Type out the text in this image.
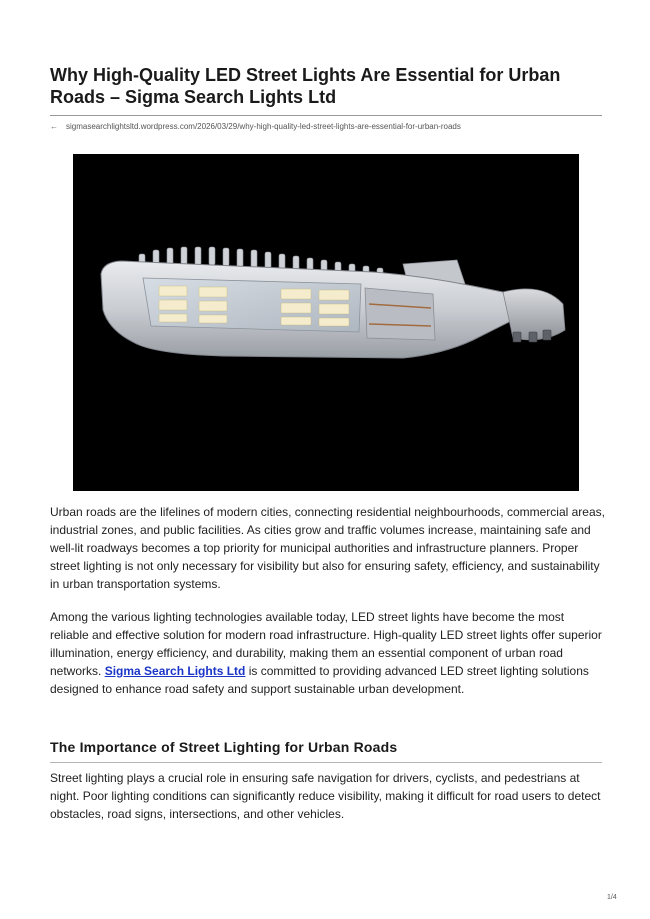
Why High-Quality LED Street Lights Are Essential for Urban Roads – Sigma Search Lights Ltd
← sigmasearchlightsltd.wordpress.com/2026/03/29/why-high-quality-led-street-lights-are-essential-for-urban-roads

Urban roads are the lifelines of modern cities, connecting residential neighbourhoods, commercial areas, industrial zones, and public facilities. As cities grow and traffic volumes increase, maintaining safe and well-lit roadways becomes a top priority for municipal authorities and infrastructure planners. Proper street lighting is not only necessary for visibility but also for ensuring safety, efficiency, and sustainability in urban transportation systems.

Among the various lighting technologies available today, LED street lights have become the most reliable and effective solution for modern road infrastructure. High-quality LED street lights offer superior illumination, energy efficiency, and durability, making them an essential component of urban road networks. Sigma Search Lights Ltd is committed to providing advanced LED street lighting solutions designed to enhance road safety and support sustainable urban development.

The Importance of Street Lighting for Urban Roads

Street lighting plays a crucial role in ensuring safe navigation for drivers, cyclists, and pedestrians at night. Poor lighting conditions can significantly reduce visibility, making it difficult for road users to detect obstacles, road signs, intersections, and other vehicles.

1/4
